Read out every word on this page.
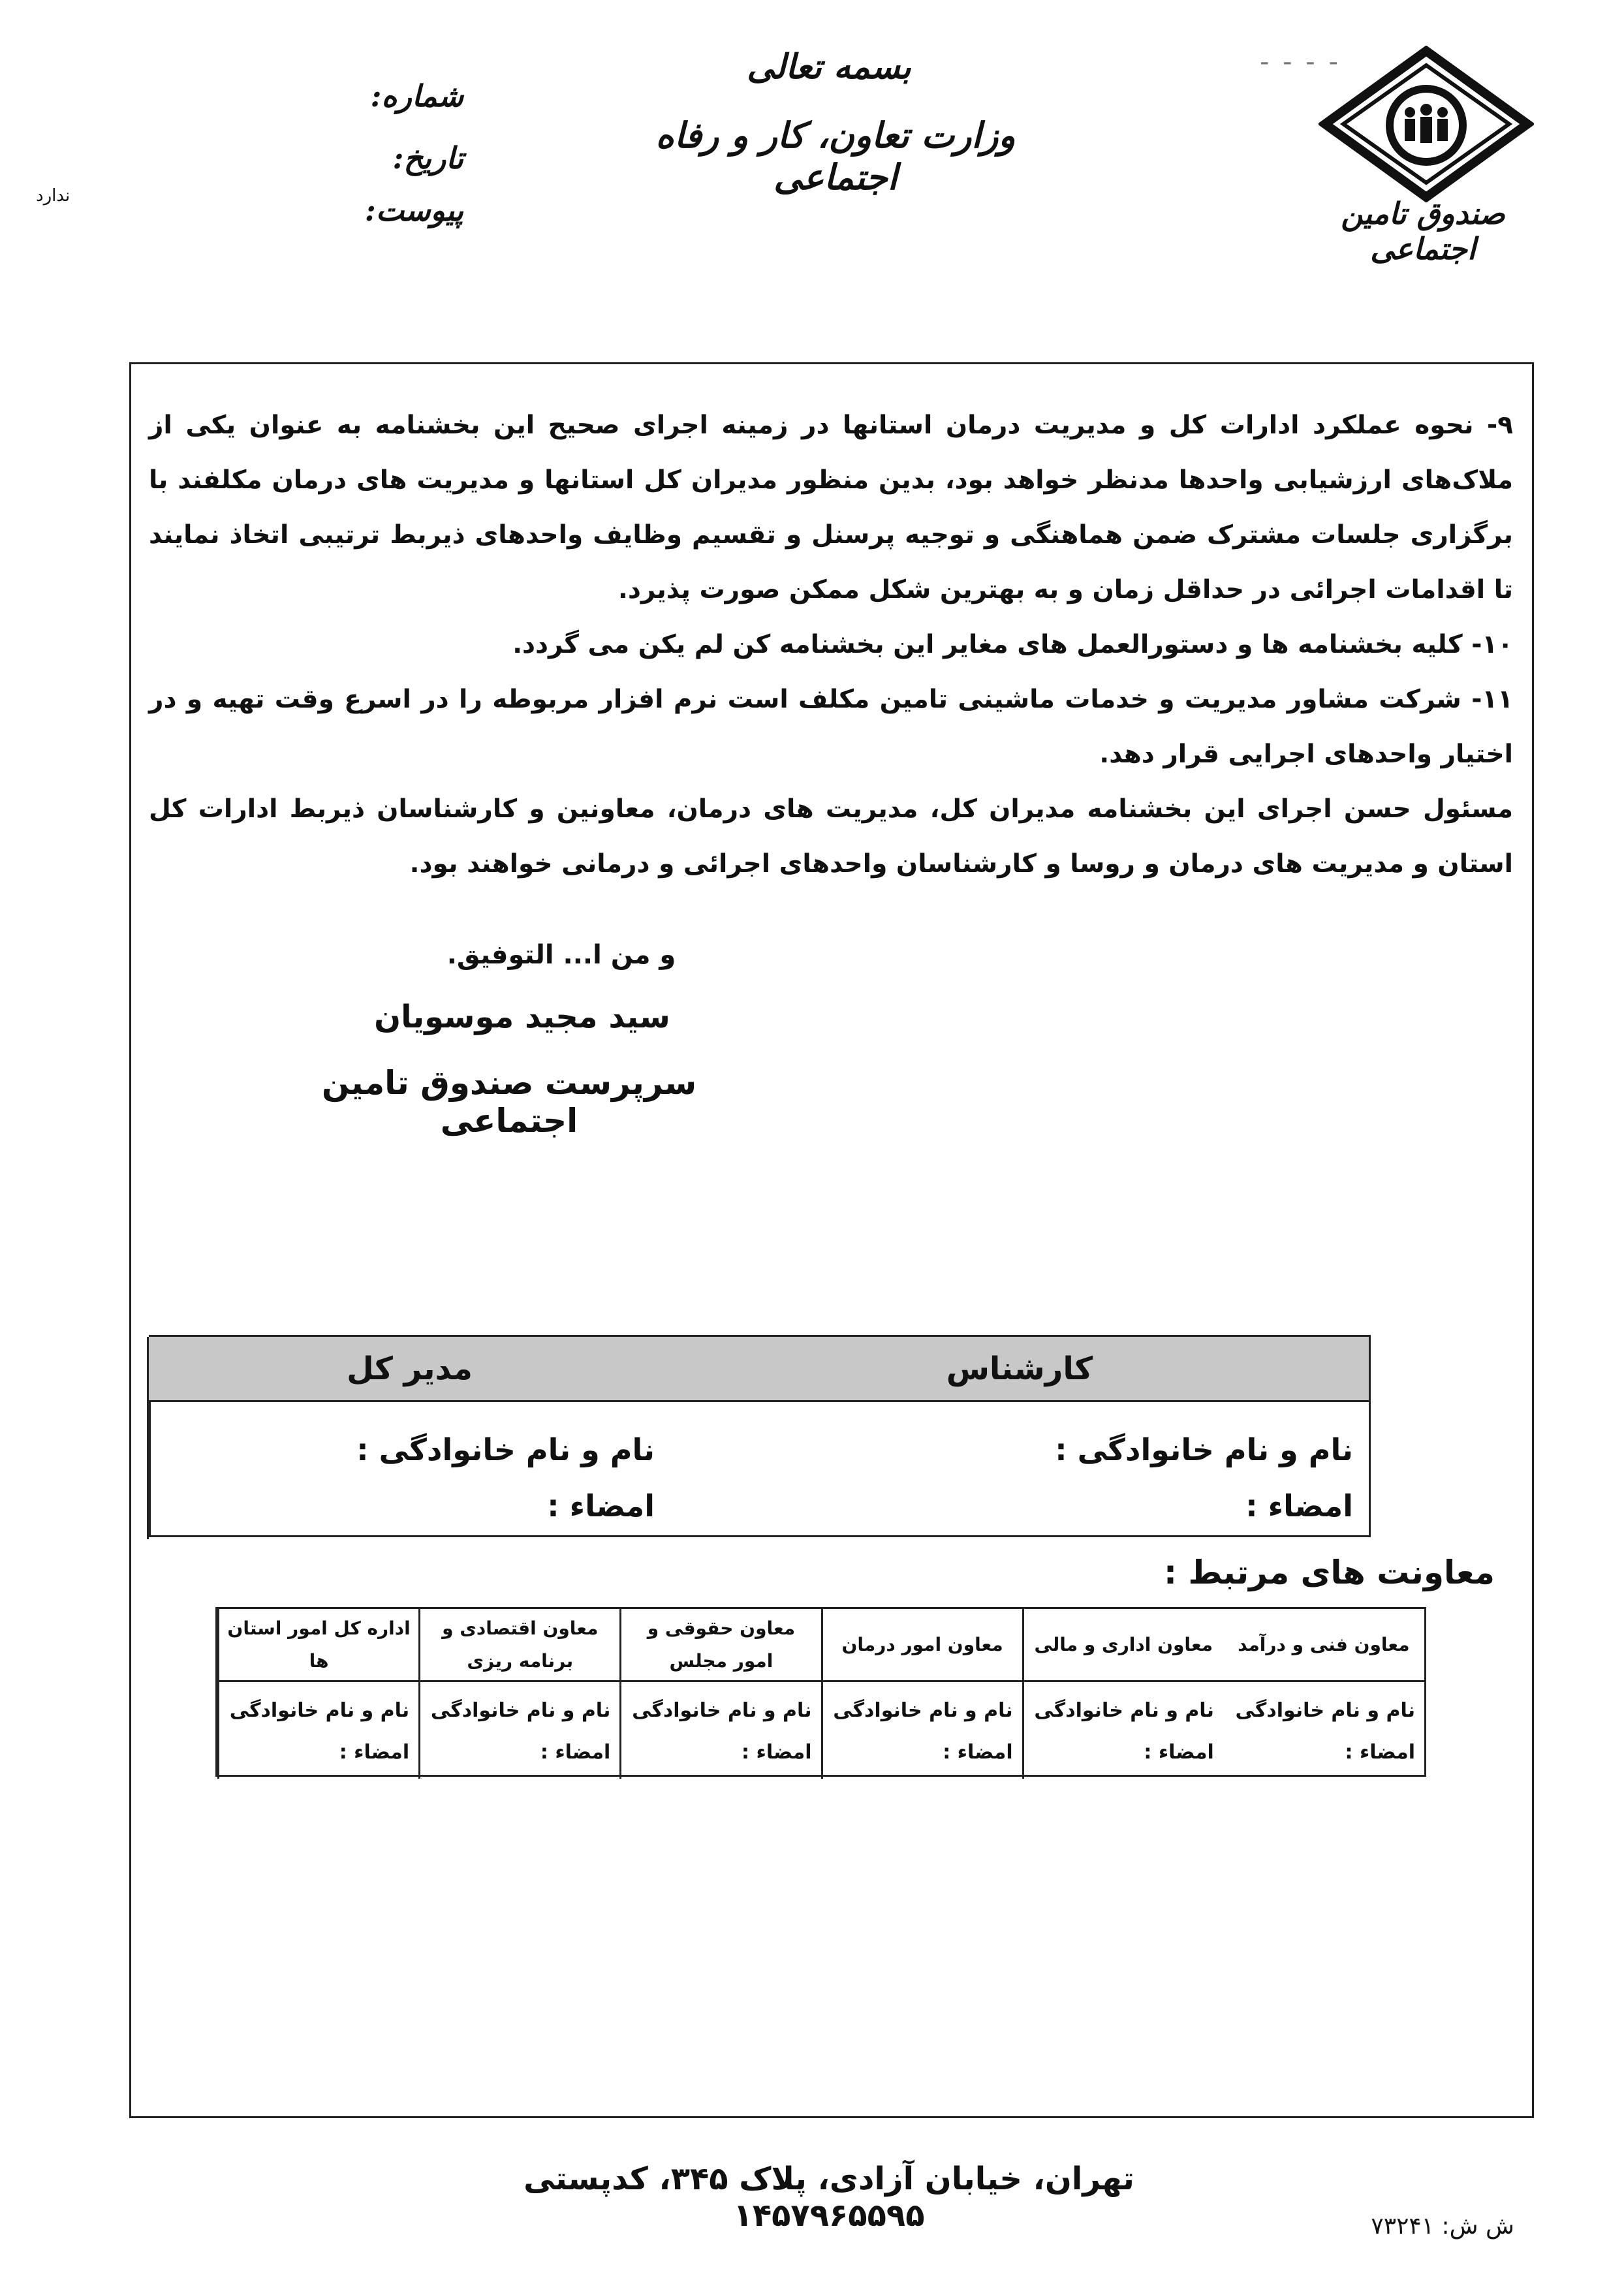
صندوق تامین اجتماعی
- - - -
بسمه تعالی
وزارت تعاون، کار و رفاه اجتماعی
شماره:
تاریخ:
پیوست:
ندارد

۹- نحوه عملکرد ادارات کل و مدیریت درمان استانها در زمینه اجرای صحیح این بخشنامه به عنوان یکی از ملاک‌های ارزشیابی واحدها مدنظر خواهد بود، بدین منظور مدیران کل استانها و مدیریت های درمان مکلفند با برگزاری جلسات مشترک ضمن هماهنگی و توجیه پرسنل و تقسیم وظایف واحدهای ذیربط ترتیبی اتخاذ نمایند تا اقدامات اجرائی در حداقل زمان و به بهترین شکل ممکن صورت پذیرد.

۱۰- کلیه بخشنامه ها و دستورالعمل های مغایر این بخشنامه کن لم یکن می گردد.

۱۱- شرکت مشاور مدیریت و خدمات ماشینی تامین مکلف است نرم افزار مربوطه را در اسرع وقت تهیه و در اختیار واحدهای اجرایی قرار دهد.

مسئول حسن اجرای این بخشنامه مدیران کل، مدیریت های درمان، معاونین و کارشناسان ذیربط ادارات کل استان و مدیریت های درمان و روسا و کارشناسان واحدهای اجرائی و درمانی خواهند بود.

و من ا... التوفیق.
سید مجید موسویان
سرپرست صندوق تامین اجتماعی
کارشناس
مدیر کل
نام و نام خانوادگی :
امضاء :
نام و نام خانوادگی :
امضاء :
معاونت های مرتبط :
معاون فنی و درآمد
معاون اداری و مالی
معاون امور درمان
معاون حقوقی و امور مجلس
معاون اقتصادی و برنامه ریزی
اداره کل امور استان ها
نام و نام خانوادگی
امضاء :
نام و نام خانوادگی
امضاء :
نام و نام خانوادگی
امضاء :
نام و نام خانوادگی
امضاء :
نام و نام خانوادگی
امضاء :
نام و نام خانوادگی
امضاء :
تهران، خیابان آزادی، پلاک ۳۴۵، کدپستی ۱۴۵۷۹۶۵۵۹۵	ش ش: ۷۳۲۴۱
